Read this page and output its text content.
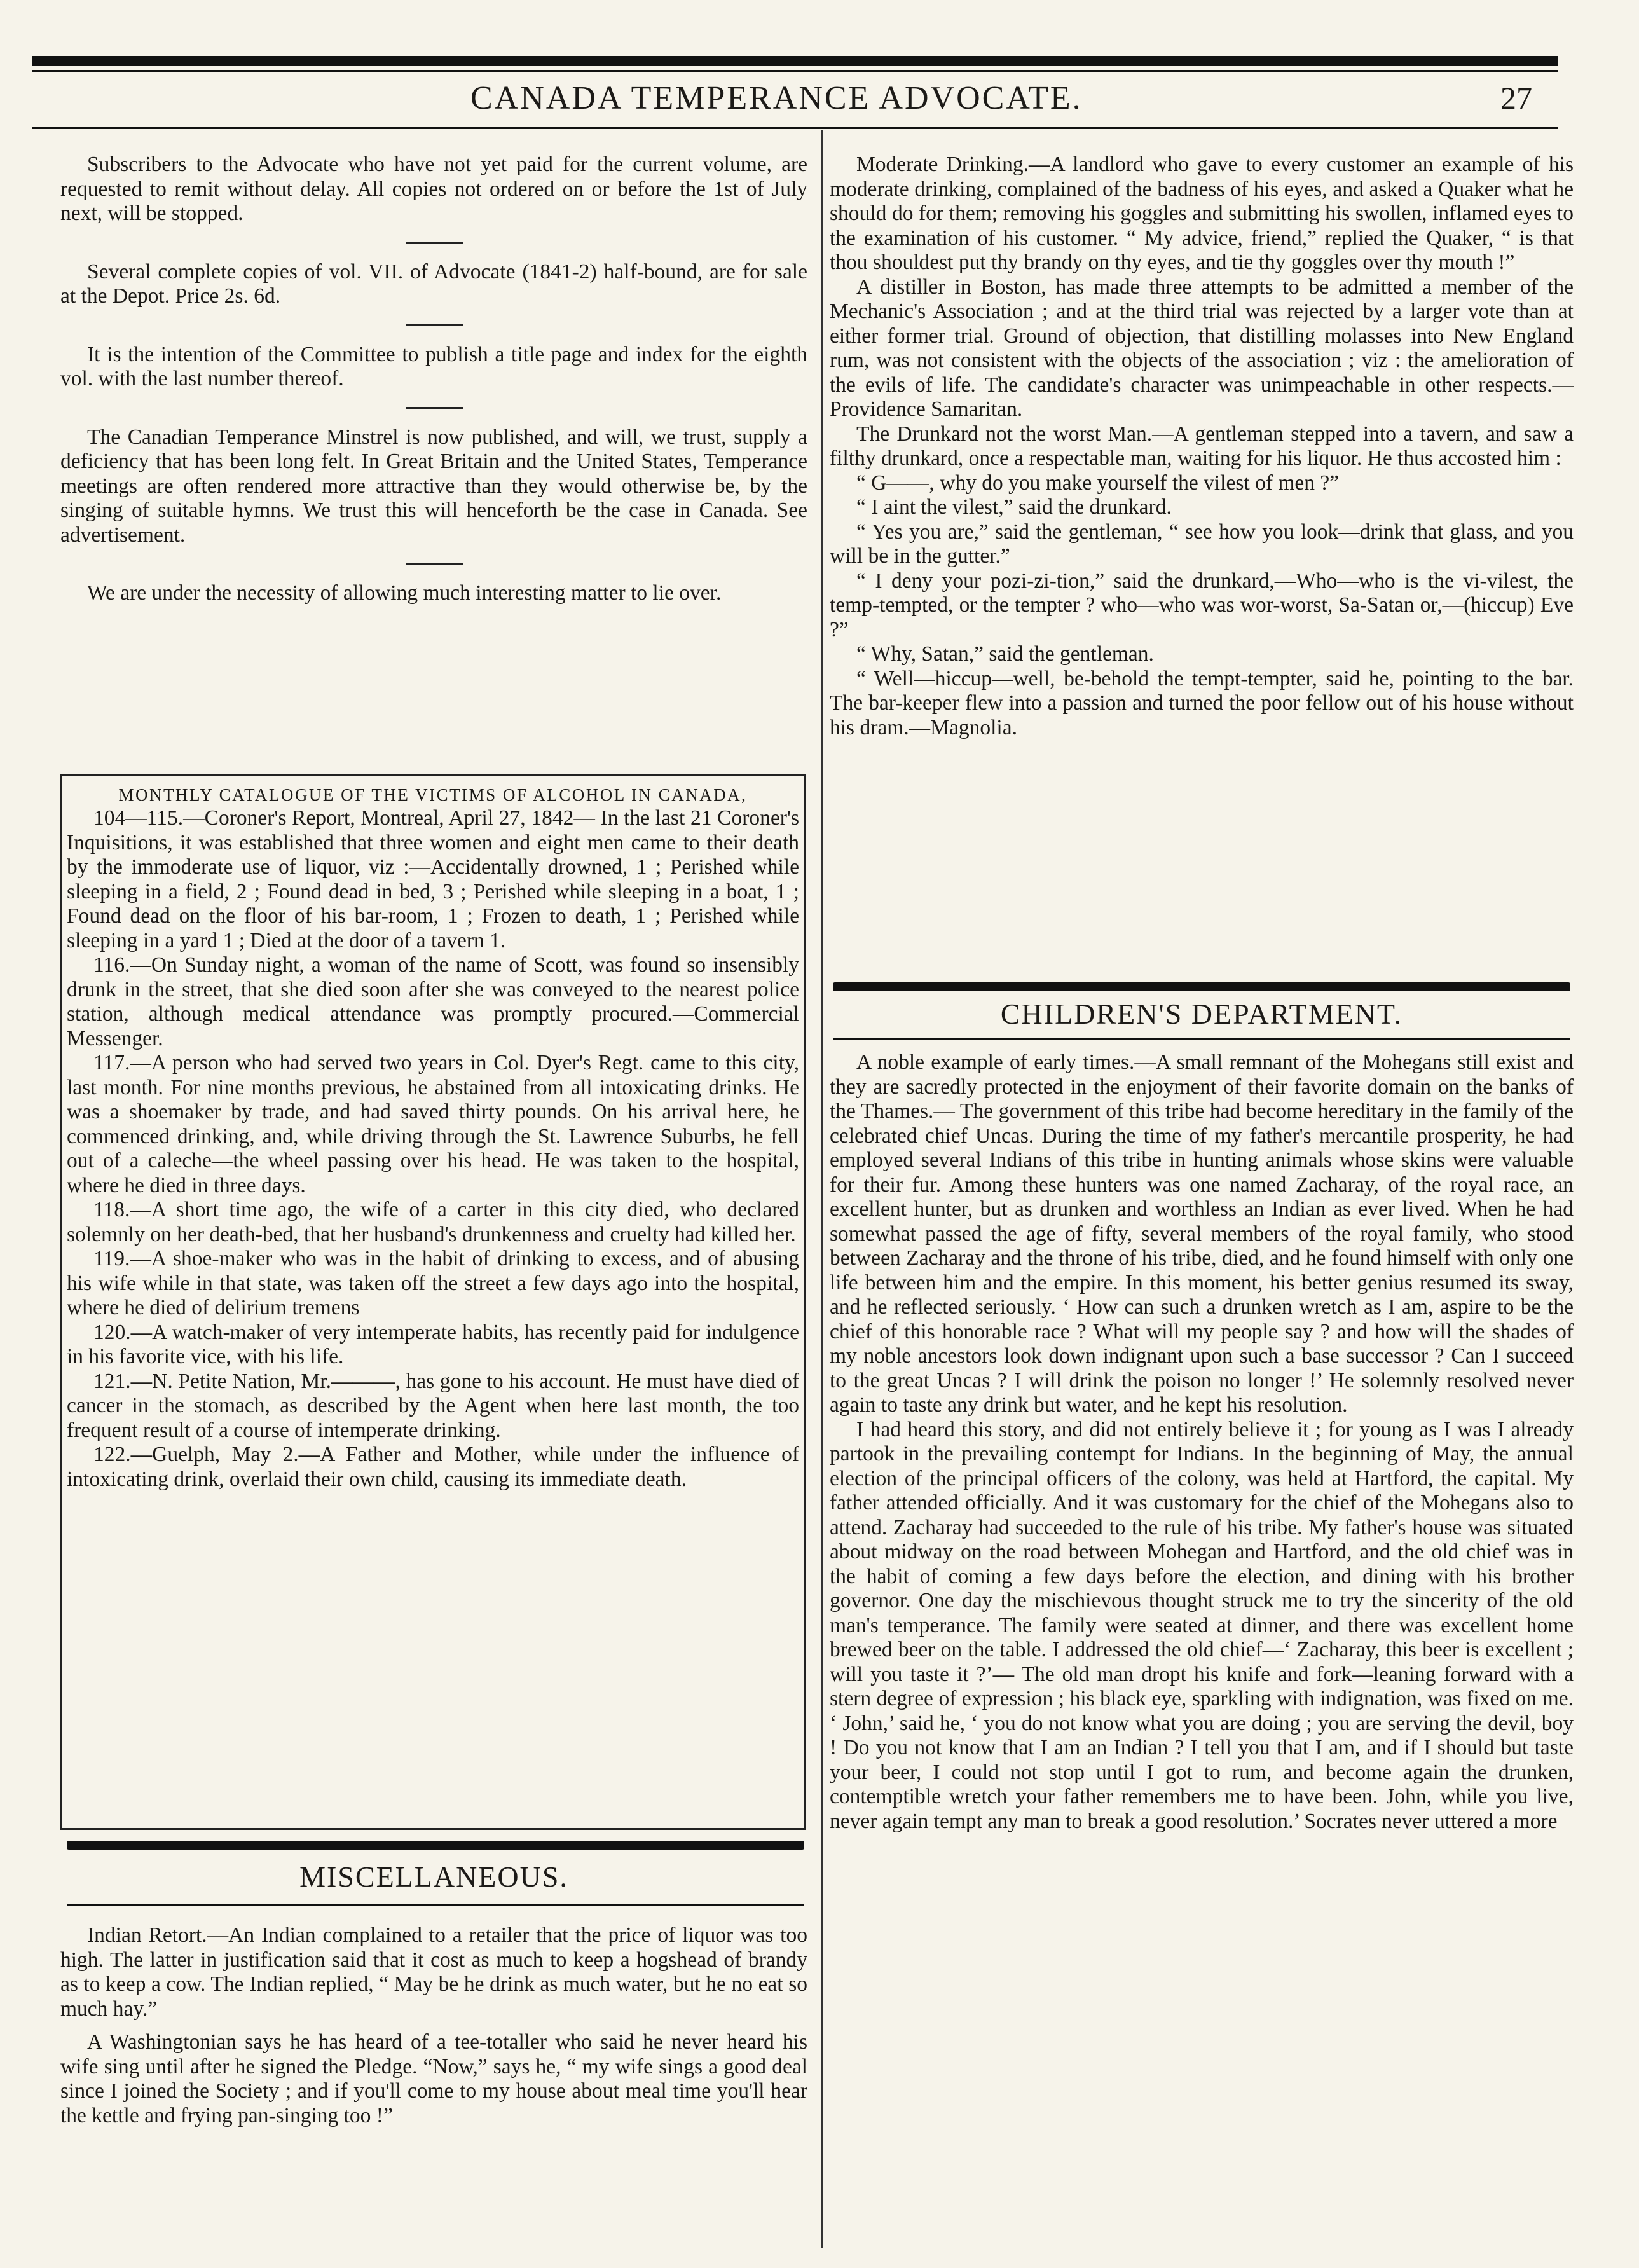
CANADA TEMPERANCE ADVOCATE.	27

Subscribers to the Advocate who have not yet paid for the current volume, are requested to remit without delay. All copies not ordered on or before the 1st of July next, will be stopped.

Several complete copies of vol. VII. of Advocate (1841-2) half-bound, are for sale at the Depot. Price 2s. 6d.

It is the intention of the Committee to publish a title page and index for the eighth vol. with the last number thereof.

The Canadian Temperance Minstrel is now published, and will, we trust, supply a deficiency that has been long felt. In Great Britain and the United States, Temperance meetings are often rendered more attractive than they would otherwise be, by the singing of suitable hymns. We trust this will henceforth be the case in Canada. See advertisement.

We are under the necessity of allowing much interesting matter to lie over.

MONTHLY CATALOGUE OF THE VICTIMS OF ALCOHOL IN CANADA,

104—115.—Coroner's Report, Montreal, April 27, 1842— In the last 21 Coroner's Inquisitions, it was established that three women and eight men came to their death by the immoderate use of liquor, viz :—Accidentally drowned, 1 ; Perished while sleeping in a field, 2 ; Found dead in bed, 3 ; Perished while sleeping in a boat, 1 ; Found dead on the floor of his bar-room, 1 ; Frozen to death, 1 ; Perished while sleeping in a yard 1 ; Died at the door of a tavern 1.

116.—On Sunday night, a woman of the name of Scott, was found so insensibly drunk in the street, that she died soon after she was conveyed to the nearest police station, although medical attendance was promptly procured.—Commercial Messenger.

117.—A person who had served two years in Col. Dyer's Regt. came to this city, last month. For nine months previous, he abstained from all intoxicating drinks. He was a shoemaker by trade, and had saved thirty pounds. On his arrival here, he commenced drinking, and, while driving through the St. Lawrence Suburbs, he fell out of a caleche—the wheel passing over his head. He was taken to the hospital, where he died in three days.

118.—A short time ago, the wife of a carter in this city died, who declared solemnly on her death-bed, that her husband's drunkenness and cruelty had killed her.

119.—A shoe-maker who was in the habit of drinking to excess, and of abusing his wife while in that state, was taken off the street a few days ago into the hospital, where he died of delirium tremens

120.—A watch-maker of very intemperate habits, has recently paid for indulgence in his favorite vice, with his life.

121.—N. Petite Nation, Mr.———, has gone to his account. He must have died of cancer in the stomach, as described by the Agent when here last month, the too frequent result of a course of intemperate drinking.

122.—Guelph, May 2.—A Father and Mother, while under the influence of intoxicating drink, overlaid their own child, causing its immediate death.

MISCELLANEOUS.

Indian Retort.—An Indian complained to a retailer that the price of liquor was too high. The latter in justification said that it cost as much to keep a hogshead of brandy as to keep a cow. The Indian replied, “ May be he drink as much water, but he no eat so much hay.”

A Washingtonian says he has heard of a tee-totaller who said he never heard his wife sing until after he signed the Pledge. “Now,” says he, “ my wife sings a good deal since I joined the Society ; and if you'll come to my house about meal time you'll hear the kettle and frying pan-singing too !”

Moderate Drinking.—A landlord who gave to every customer an example of his moderate drinking, complained of the badness of his eyes, and asked a Quaker what he should do for them; removing his goggles and submitting his swollen, inflamed eyes to the examination of his customer. “ My advice, friend,” replied the Quaker, “ is that thou shouldest put thy brandy on thy eyes, and tie thy goggles over thy mouth !”

A distiller in Boston, has made three attempts to be admitted a member of the Mechanic's Association ; and at the third trial was rejected by a larger vote than at either former trial. Ground of objection, that distilling molasses into New England rum, was not consistent with the objects of the association ; viz : the amelioration of the evils of life. The candidate's character was unimpeachable in other respects.—Providence Samaritan.

The Drunkard not the worst Man.—A gentleman stepped into a tavern, and saw a filthy drunkard, once a respectable man, waiting for his liquor. He thus accosted him :

“ G——, why do you make yourself the vilest of men ?”

“ I aint the vilest,” said the drunkard.

“ Yes you are,” said the gentleman, “ see how you look—drink that glass, and you will be in the gutter.”

“ I deny your pozi-zi-tion,” said the drunkard,—Who—who is the vi-vilest, the temp-tempted, or the tempter ? who—who was wor-worst, Sa-Satan or,—(hiccup) Eve ?”

“ Why, Satan,” said the gentleman.

“ Well—hiccup—well, be-behold the tempt-tempter, said he, pointing to the bar. The bar-keeper flew into a passion and turned the poor fellow out of his house without his dram.—Magnolia.

CHILDREN'S DEPARTMENT.

A noble example of early times.—A small remnant of the Mohegans still exist and they are sacredly protected in the enjoyment of their favorite domain on the banks of the Thames.— The government of this tribe had become hereditary in the family of the celebrated chief Uncas. During the time of my father's mercantile prosperity, he had employed several Indians of this tribe in hunting animals whose skins were valuable for their fur. Among these hunters was one named Zacharay, of the royal race, an excellent hunter, but as drunken and worthless an Indian as ever lived. When he had somewhat passed the age of fifty, several members of the royal family, who stood between Zacharay and the throne of his tribe, died, and he found himself with only one life between him and the empire. In this moment, his better genius resumed its sway, and he reflected seriously. ‘ How can such a drunken wretch as I am, aspire to be the chief of this honorable race ? What will my people say ? and how will the shades of my noble ancestors look down indignant upon such a base successor ? Can I succeed to the great Uncas ? I will drink the poison no longer !’ He solemnly resolved never again to taste any drink but water, and he kept his resolution.

I had heard this story, and did not entirely believe it ; for young as I was I already partook in the prevailing contempt for Indians. In the beginning of May, the annual election of the principal officers of the colony, was held at Hartford, the capital. My father attended officially. And it was customary for the chief of the Mohegans also to attend. Zacharay had succeeded to the rule of his tribe. My father's house was situated about midway on the road between Mohegan and Hartford, and the old chief was in the habit of coming a few days before the election, and dining with his brother governor. One day the mischievous thought struck me to try the sincerity of the old man's temperance. The family were seated at dinner, and there was excellent home brewed beer on the table. I addressed the old chief—‘ Zacharay, this beer is excellent ; will you taste it ?’— The old man dropt his knife and fork—leaning forward with a stern degree of expression ; his black eye, sparkling with indignation, was fixed on me. ‘ John,’ said he, ‘ you do not know what you are doing ; you are serving the devil, boy ! Do you not know that I am an Indian ? I tell you that I am, and if I should but taste your beer, I could not stop until I got to rum, and become again the drunken, contemptible wretch your father remembers me to have been. John, while you live, never again tempt any man to break a good resolution.’ Socrates never uttered a more
